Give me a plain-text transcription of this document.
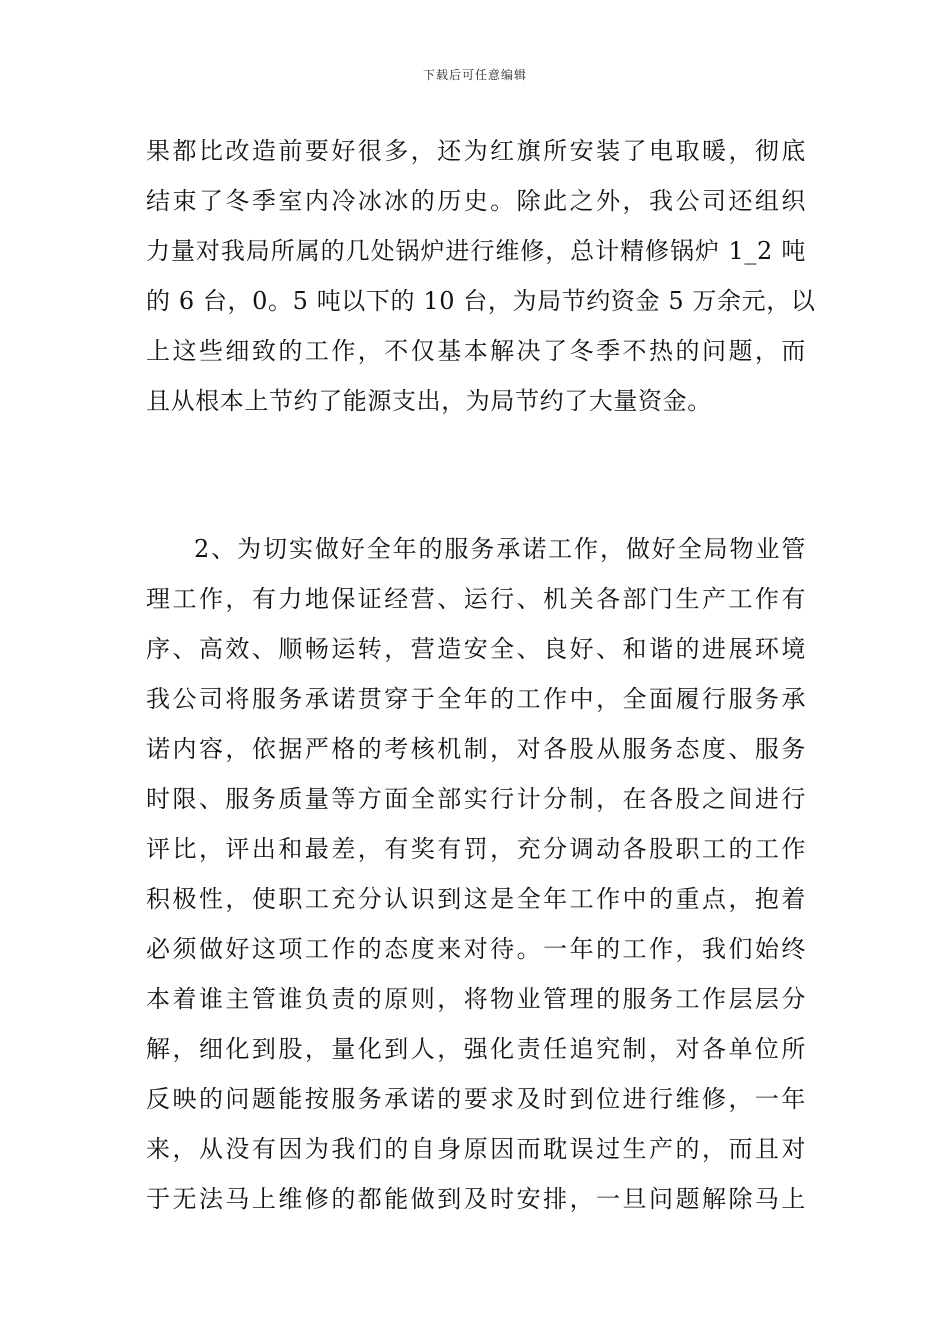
下载后可任意编辑
果都比改造前要好很多，还为红旗所安装了电取暖，彻底
结束了冬季室内冷冰冰的历史。除此之外，我公司还组织
力量对我局所属的几处锅炉进行维修，总计精修锅炉 1_2 吨
的 6 台，0。5 吨以下的 10 台，为局节约资金 5 万余元，以
上这些细致的工作，不仅基本解决了冬季不热的问题，而
且从根本上节约了能源支出，为局节约了大量资金。
2、为切实做好全年的服务承诺工作，做好全局物业管
理工作，有力地保证经营、运行、机关各部门生产工作有
序、高效、顺畅运转，营造安全、良好、和谐的进展环境
我公司将服务承诺贯穿于全年的工作中，全面履行服务承
诺内容，依据严格的考核机制，对各股从服务态度、服务
时限、服务质量等方面全部实行计分制，在各股之间进行
评比，评出和最差，有奖有罚，充分调动各股职工的工作
积极性，使职工充分认识到这是全年工作中的重点，抱着
必须做好这项工作的态度来对待。一年的工作，我们始终
本着谁主管谁负责的原则，将物业管理的服务工作层层分
解，细化到股，量化到人，强化责任追究制，对各单位所
反映的问题能按服务承诺的要求及时到位进行维修，一年
来，从没有因为我们的自身原因而耽误过生产的，而且对
于无法马上维修的都能做到及时安排，一旦问题解除马上
